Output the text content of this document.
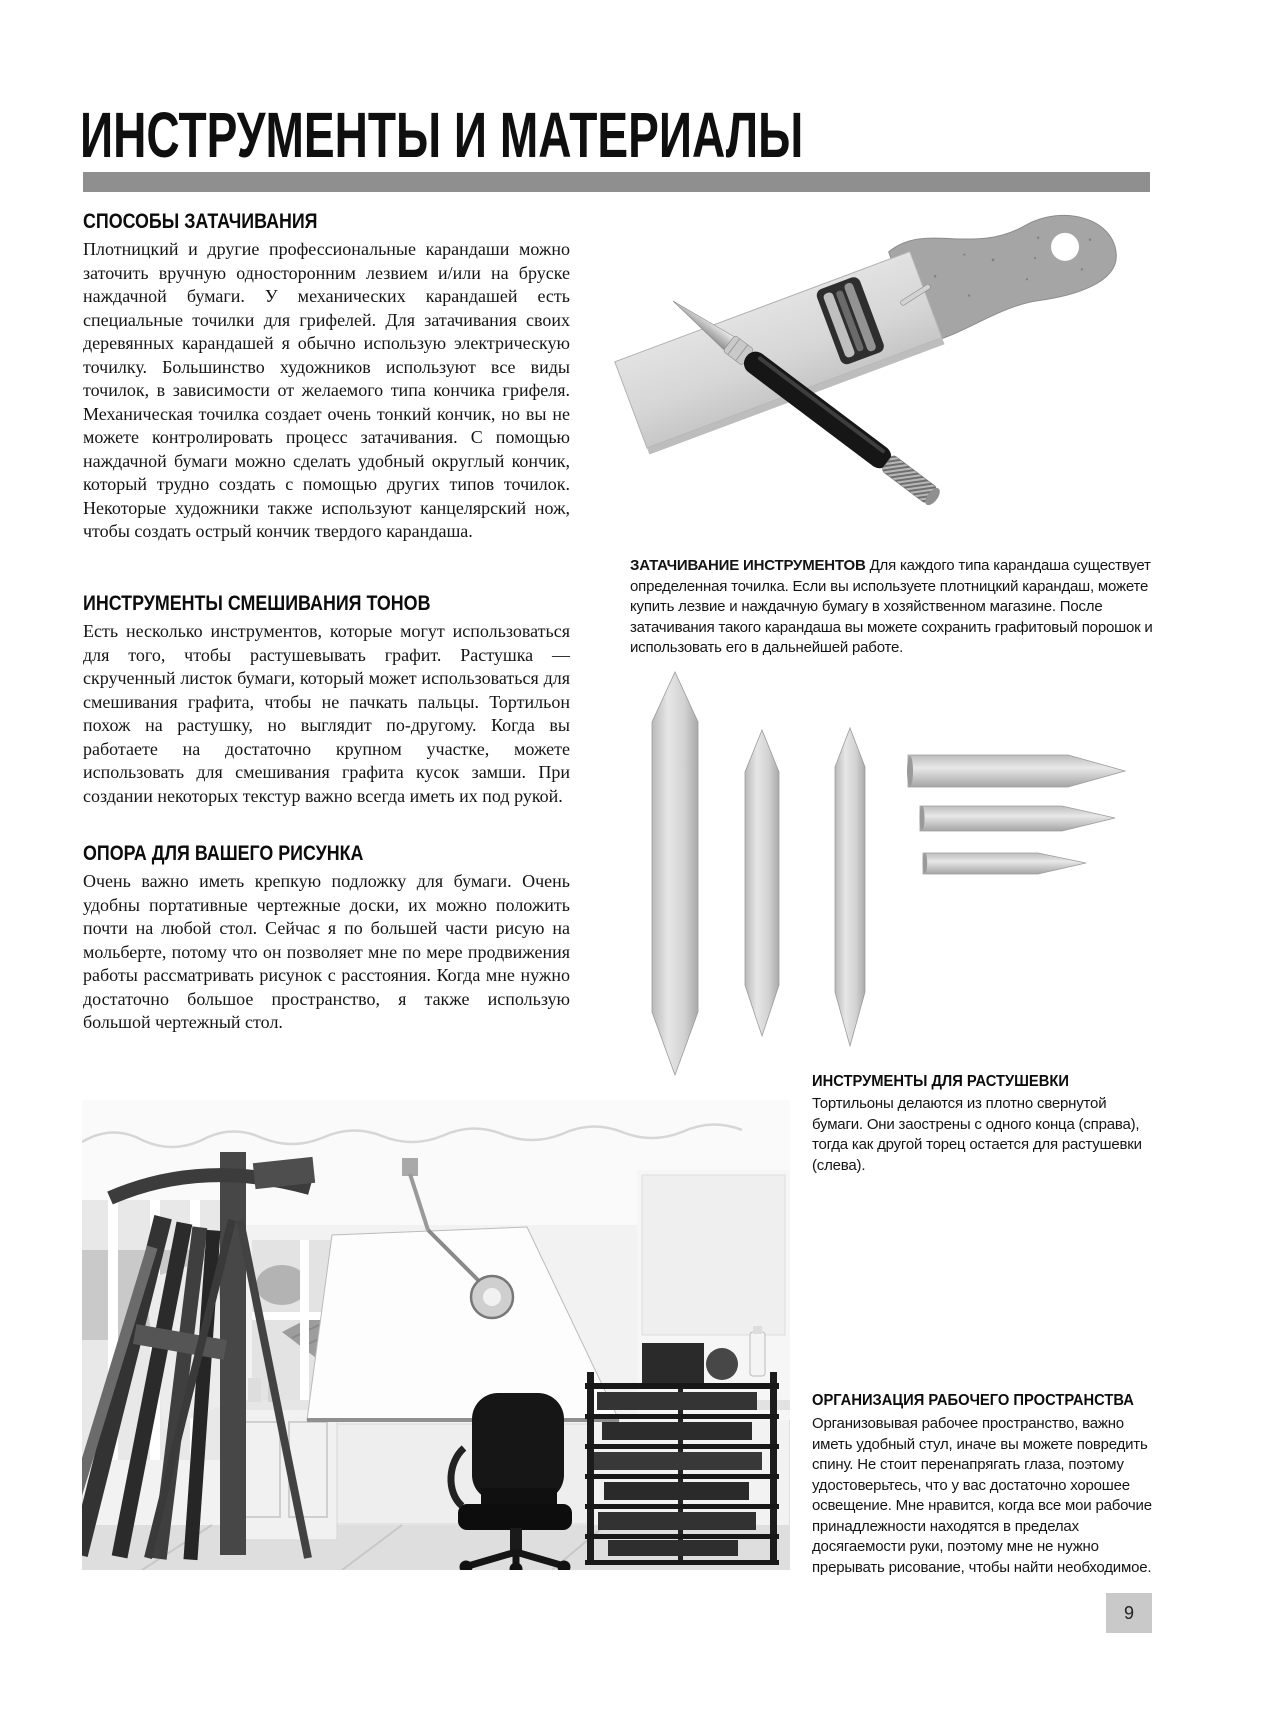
ИНСТРУМЕНТЫ И МАТЕРИАЛЫ
СПОСОБЫ ЗАТАЧИВАНИЯ
Плотницкий и другие профессиональные карандаши можно заточить вручную односторонним лезвием и/или на бруске наждачной бумаги. У механических карандашей есть специальные точилки для грифелей. Для затачивания своих деревянных карандашей я обычно использую электрическую точилку. Большинство художников используют все виды точилок, в зависимости от желаемого типа кончика грифеля. Механическая точилка создает очень тонкий кончик, но вы не можете контролировать процесс затачивания. С помощью наждачной бумаги можно сделать удобный округлый кончик, который трудно создать с помощью других типов точилок. Некоторые художники также используют канцелярский нож, чтобы создать острый кончик твердого карандаша.
ИНСТРУМЕНТЫ СМЕШИВАНИЯ ТОНОВ
Есть несколько инструментов, которые могут использоваться для того, чтобы растушевывать графит. Растушка — скрученный листок бумаги, который может использоваться для смешивания графита, чтобы не пачкать пальцы. Тортильон похож на растушку, но выглядит по-другому. Когда вы работаете на достаточно крупном участке, можете использовать для смешивания графита кусок замши. При создании некоторых текстур важно всегда иметь их под рукой.
ОПОРА ДЛЯ ВАШЕГО РИСУНКА
Очень важно иметь крепкую подложку для бумаги. Очень удобны портативные чертежные доски, их можно положить почти на любой стол. Сейчас я по большей части рисую на мольберте, потому что он позволяет мне по мере продвижения работы рассматривать рисунок с расстояния. Когда мне нужно достаточно большое пространство, я также использую большой чертежный стол.
ЗАТАЧИВАНИЕ ИНСТРУМЕНТОВ Для каждого типа карандаша существует определенная точилка. Если вы используете плотницкий карандаш, можете купить лезвие и наждачную бумагу в хозяйственном магазине. После затачивания такого карандаша вы можете сохранить графитовый порошок и использовать его в дальнейшей работе.
ИНСТРУМЕНТЫ ДЛЯ РАСТУШЕВКИ
Тортильоны делаются из плотно свернутой бумаги. Они заострены с одного конца (справа), тогда как другой торец остается для растушевки (слева).
ОРГАНИЗАЦИЯ РАБОЧЕГО ПРОСТРАНСТВА
Организовывая рабочее пространство, важно иметь удобный стул, иначе вы можете повредить спину. Не стоит перенапрягать глаза, поэтому удостоверьтесь, что у вас достаточно хорошее освещение. Мне нравится, когда все мои рабочие принадлежности находятся в пределах досягаемости руки, поэтому мне не нужно прерывать рисование, чтобы найти необходимое.
9
